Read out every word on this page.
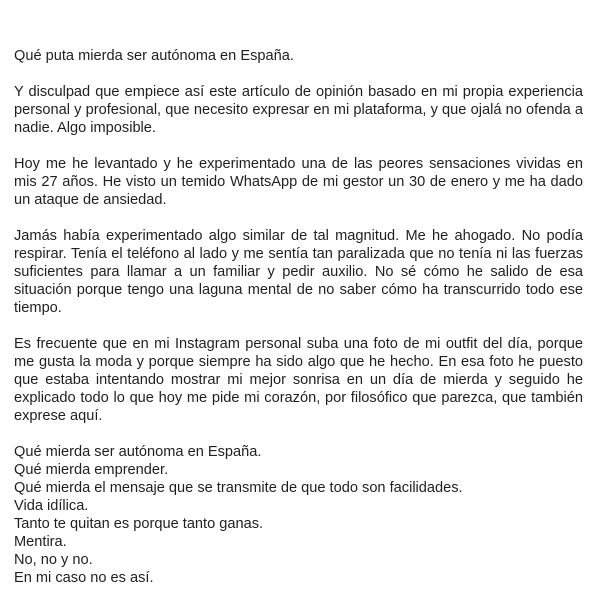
Qué puta mierda ser autónoma en España.

Y disculpad que empiece así este artículo de opinión basado en mi propia experiencia personal y profesional, que necesito expresar en mi plataforma, y que ojalá no ofenda a nadie. Algo imposible.

Hoy me he levantado y he experimentado una de las peores sensaciones vividas en mis 27 años. He visto un temido WhatsApp de mi gestor un 30 de enero y me ha dado un ataque de ansiedad.

Jamás había experimentado algo similar de tal magnitud. Me he ahogado. No podía respirar. Tenía el teléfono al lado y me sentía tan paralizada que no tenía ni las fuerzas suficientes para llamar a un familiar y pedir auxilio. No sé cómo he salido de esa situación porque tengo una laguna mental de no saber cómo ha transcurrido todo ese tiempo.

Es frecuente que en mi Instagram personal suba una foto de mi outfit del día, porque me gusta la moda y porque siempre ha sido algo que he hecho. En esa foto he puesto que estaba intentando mostrar mi mejor sonrisa en un día de mierda y seguido he explicado todo lo que hoy me pide mi corazón, por filosófico que parezca, que también exprese aquí.

Qué mierda ser autónoma en España.
Qué mierda emprender.
Qué mierda el mensaje que se transmite de que todo son facilidades.
Vida idílica.
Tanto te quitan es porque tanto ganas.
Mentira.
No, no y no.
En mi caso no es así.
